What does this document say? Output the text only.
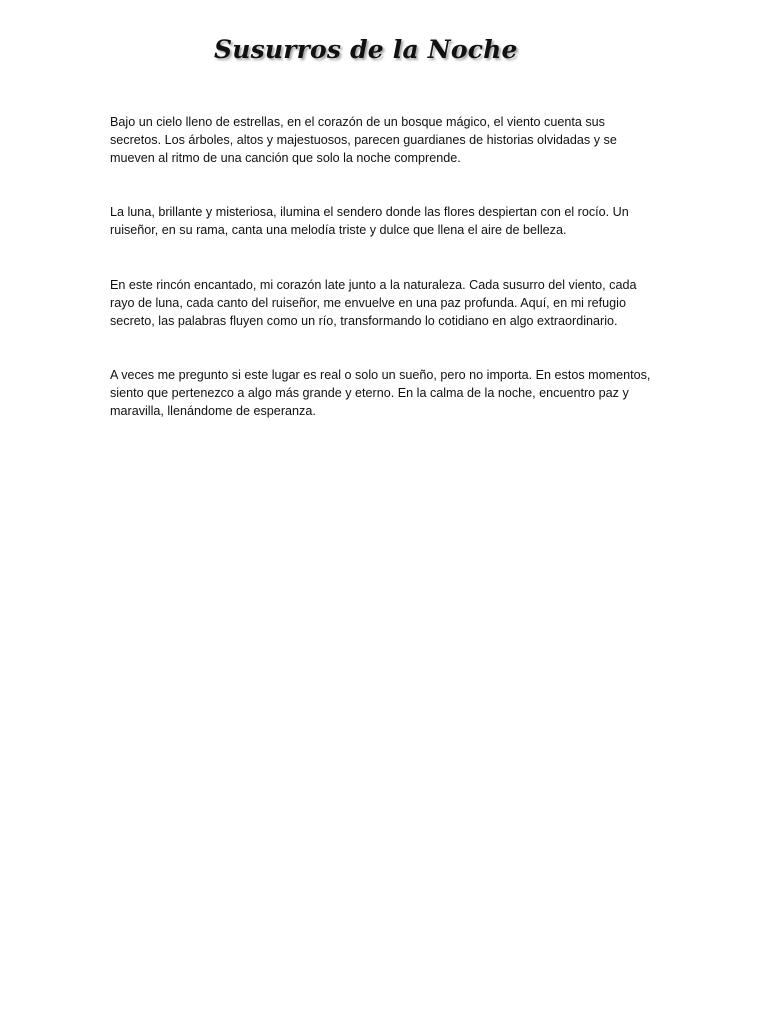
Susurros de la Noche

Bajo un cielo lleno de estrellas, en el corazón de un bosque mágico, el viento cuenta sus secretos. Los árboles, altos y majestuosos, parecen guardianes de historias olvidadas y se mueven al ritmo de una canción que solo la noche comprende.

La luna, brillante y misteriosa, ilumina el sendero donde las flores despiertan con el rocío. Un ruiseñor, en su rama, canta una melodía triste y dulce que llena el aire de belleza.

En este rincón encantado, mi corazón late junto a la naturaleza. Cada susurro del viento, cada rayo de luna, cada canto del ruiseñor, me envuelve en una paz profunda. Aquí, en mi refugio secreto, las palabras fluyen como un río, transformando lo cotidiano en algo extraordinario.

A veces me pregunto si este lugar es real o solo un sueño, pero no importa. En estos momentos, siento que pertenezco a algo más grande y eterno. En la calma de la noche, encuentro paz y maravilla, llenándome de esperanza.
